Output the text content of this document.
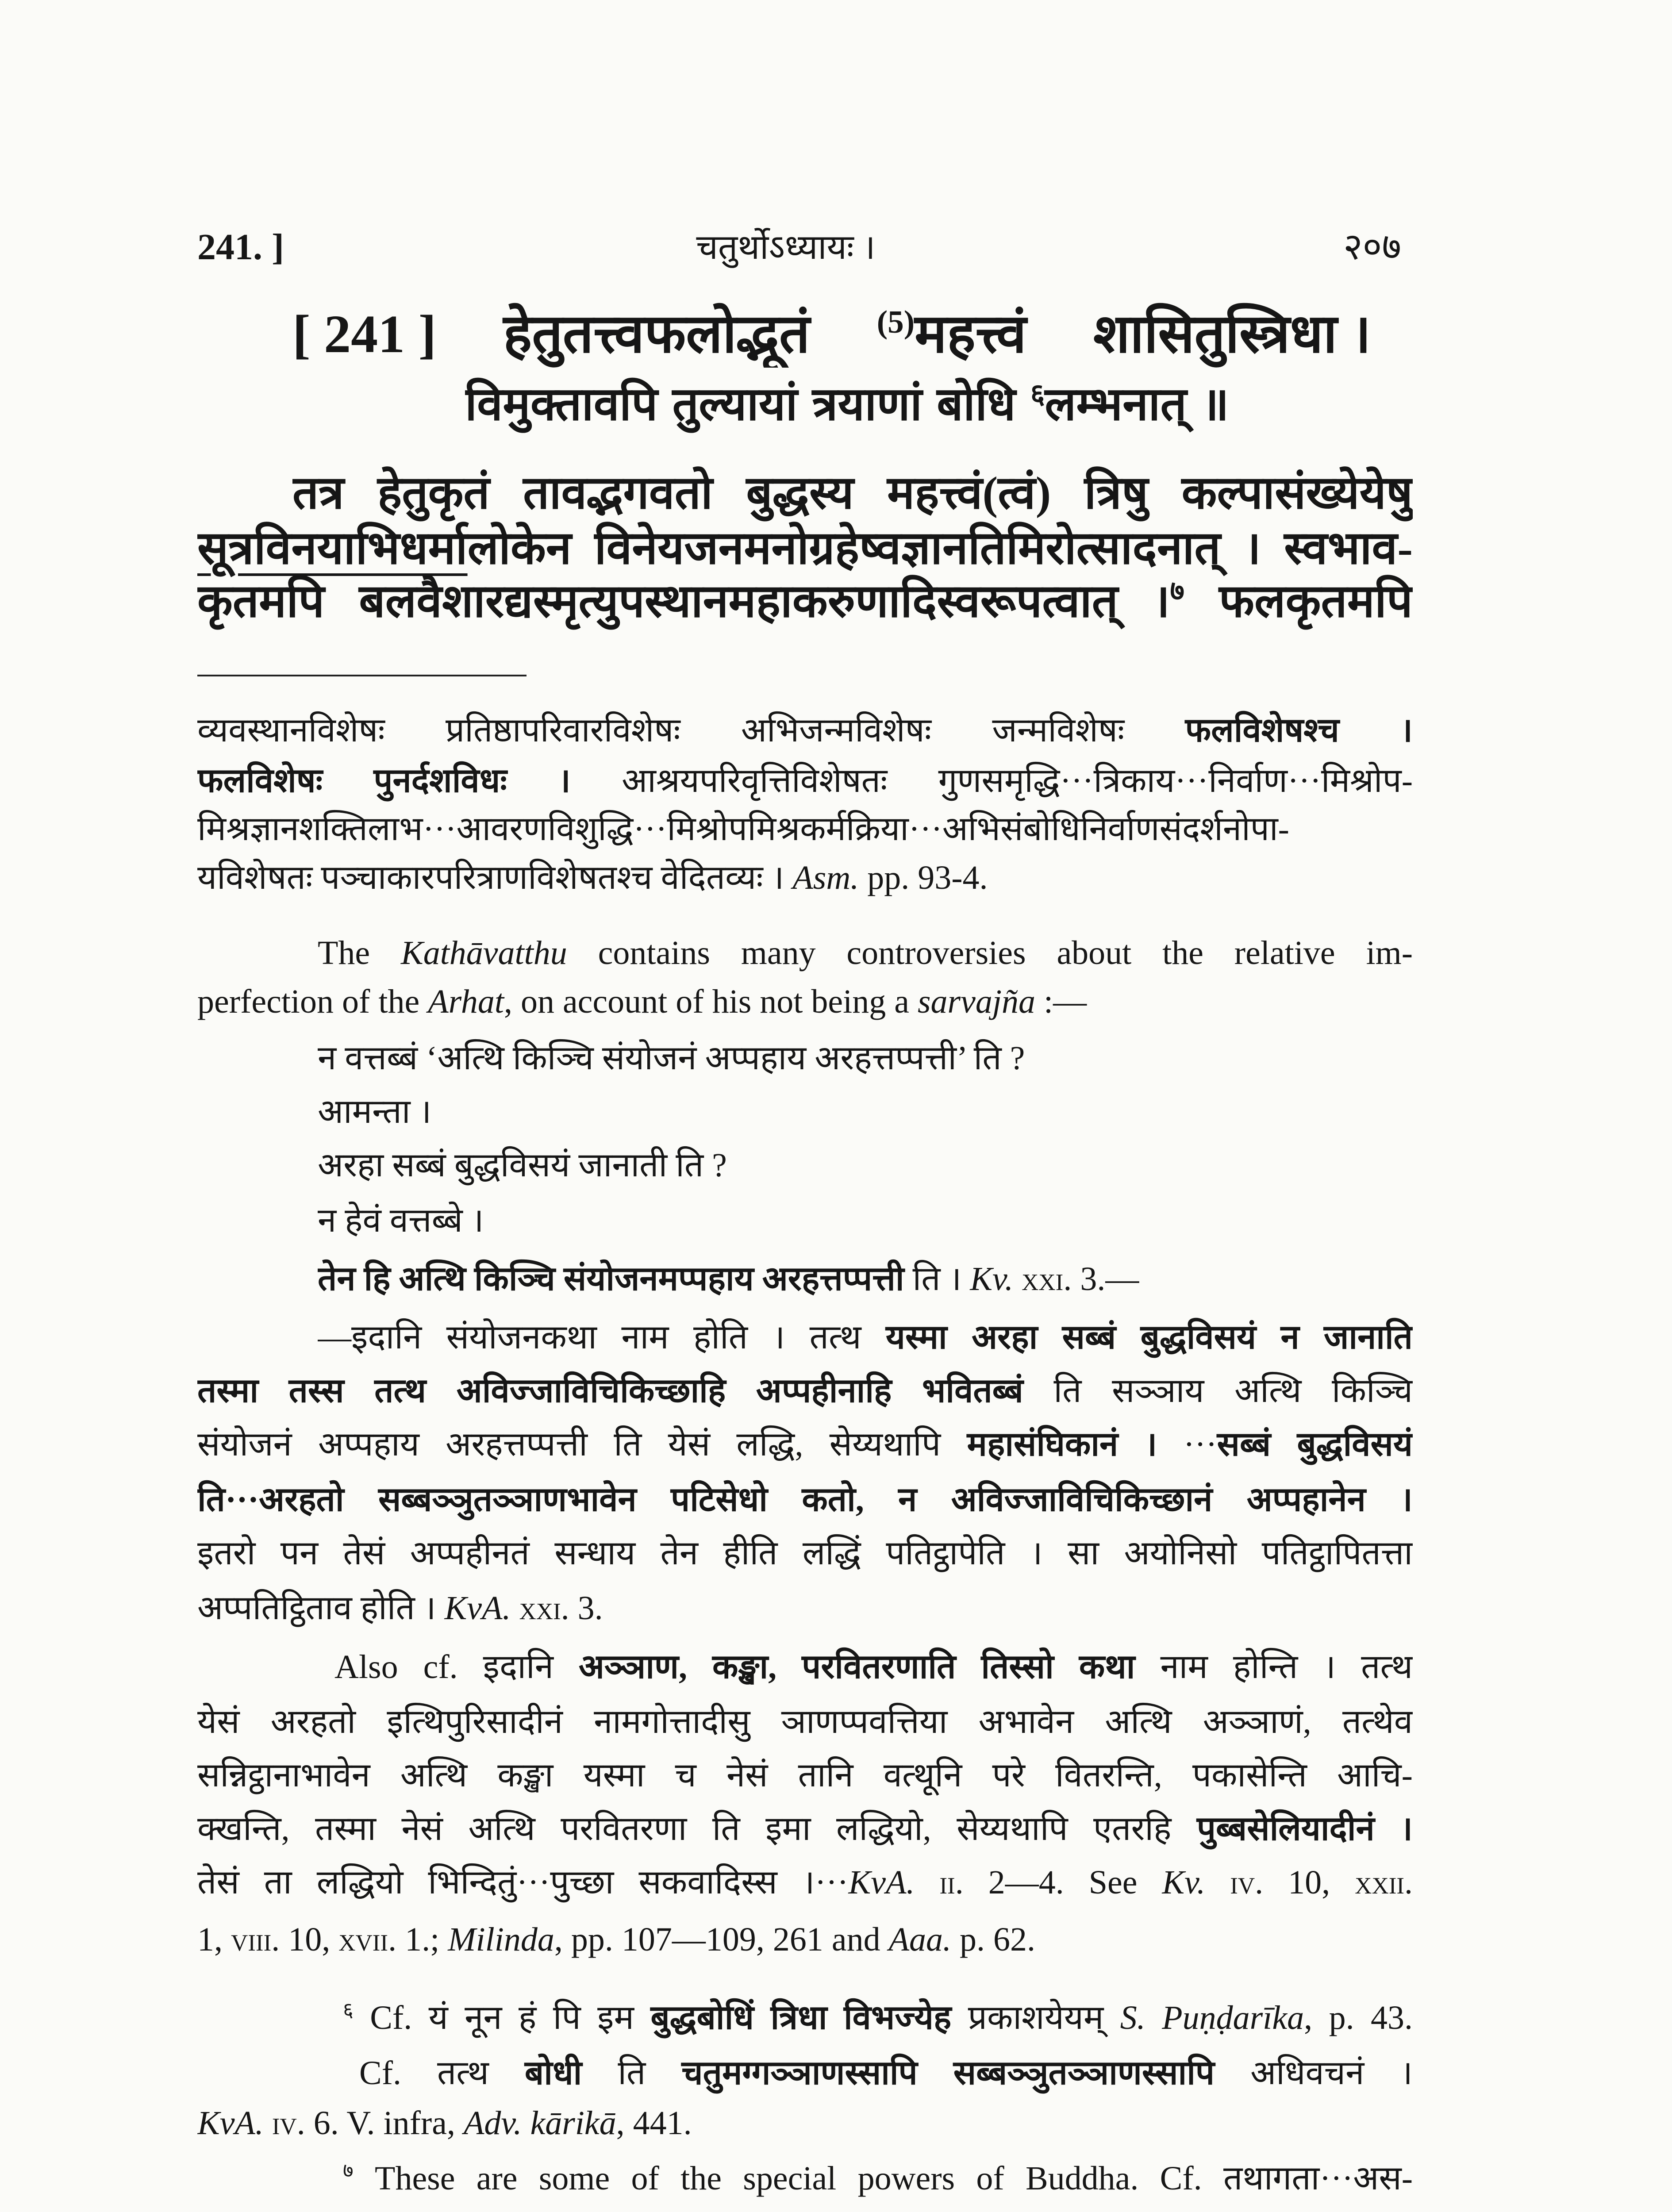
241. ]	चतुर्थोऽध्यायः ।	२०७
[ 241 ] हेतुतत्त्वफलोद्भूतं $^{(5)}$महत्त्वं शासितुस्त्रिधा ।
विमुक्तावपि तुल्यायां त्रयाणां बोधि $^६$लम्भनात् ॥
तत्र हेतुकृतं तावद्भगवतो बुद्धस्य महत्त्वं(त्वं) त्रिषु कल्पासंख्येयेषु
सूत्रविनयाभिधर्मालोकेन विनेयजनमनोग्रहेष्वज्ञानतिमिरोत्सादनात् । स्वभाव-
कृतमपि बलवैशारद्यस्मृत्युपस्थानमहाकरुणादिस्वरूपत्वात् ।$^७$ फलकृतमपि
व्यवस्थानविशेषः प्रतिष्ठापरिवारविशेषः अभिजन्मविशेषः जन्मविशेषः फलविशेषश्च ।
फलविशेषः पुनर्दशविधः । आश्रयपरिवृत्तिविशेषतः गुणसमृद्धि···त्रिकाय···निर्वाण···मिश्रोप-
मिश्रज्ञानशक्तिलाभ···आवरणविशुद्धि···मिश्रोपमिश्रकर्मक्रिया···अभिसंबोधिनिर्वाणसंदर्शनोपा-
यविशेषतः पञ्चाकारपरित्राणविशेषतश्च वेदितव्यः । Asm. pp. 93-4.
The Kathāvatthu contains many controversies about the relative im-
perfection of the Arhat, on account of his not being a sarvajña :—
न वत्तब्बं ‘अत्थि किञ्चि संयोजनं अप्पहाय अरहत्तप्पत्ती’ ति ?
आमन्ता ।
अरहा सब्बं बुद्धविसयं जानाती ति ?
न हेवं वत्तब्बे ।
तेन हि अत्थि किञ्चि संयोजनमप्पहाय अरहत्तप्पत्ती ति । Kv. xxi. 3.—
—इदानि संयोजनकथा नाम होति । तत्थ यस्मा अरहा सब्बं बुद्धविसयं न जानाति
तस्मा तस्स तत्थ अविज्जाविचिकिच्छाहि अप्पहीनाहि भवितब्बं ति सञ्ञाय अत्थि किञ्चि
संयोजनं अप्पहाय अरहत्तप्पत्ती ति येसं लद्धि, सेय्यथापि महासंघिकानं । ···सब्बं बुद्धविसयं
ति···अरहतो सब्बञ्ञुतञ्ञाणभावेन पटिसेधो कतो, न अविज्जाविचिकिच्छानं अप्पहानेन ।
इतरो पन तेसं अप्पहीनतं सन्धाय तेन हीति लद्धिं पतिट्ठापेति । सा अयोनिसो पतिट्ठापितत्ता
अप्पतिट्ठिताव होति । KvA. xxi. 3.
Also cf. इदानि अञ्ञाण, कङ्खा, परवितरणाति तिस्सो कथा नाम होन्ति । तत्थ
येसं अरहतो इत्थिपुरिसादीनं नामगोत्तादीसु ञाणप्पवत्तिया अभावेन अत्थि अञ्ञाणं, तत्थेव
सन्निट्ठानाभावेन अत्थि कङ्खा यस्मा च नेसं तानि वत्थूनि परे वितरन्ति, पकासेन्ति आचि-
क्खन्ति, तस्मा नेसं अत्थि परवितरणा ति इमा लद्धियो, सेय्यथापि एतरहि पुब्बसेलियादीनं ।
तेसं ता लद्धियो भिन्दितुं···पुच्छा सकवादिस्स ।···KvA. ii. 2—4. See Kv. iv. 10, xxii.
1, viii. 10, xvii. 1.; Milinda, pp. 107—109, 261 and Aaa. p. 62.
$^६$ Cf. यं नून हं पि इम बुद्धबोधिं त्रिधा विभज्येह प्रकाशयेयम् S. Puṇḍarīka, p. 43.
Cf. तत्थ बोधी ति चतुमग्गञ्ञाणस्सापि सब्बञ्ञुतञ्ञाणस्सापि अधिवचनं ।
KvA. iv. 6. V. infra, Adv. kārikā, 441.
$^७$ These are some of the special powers of Buddha. Cf. तथागता···अस-
